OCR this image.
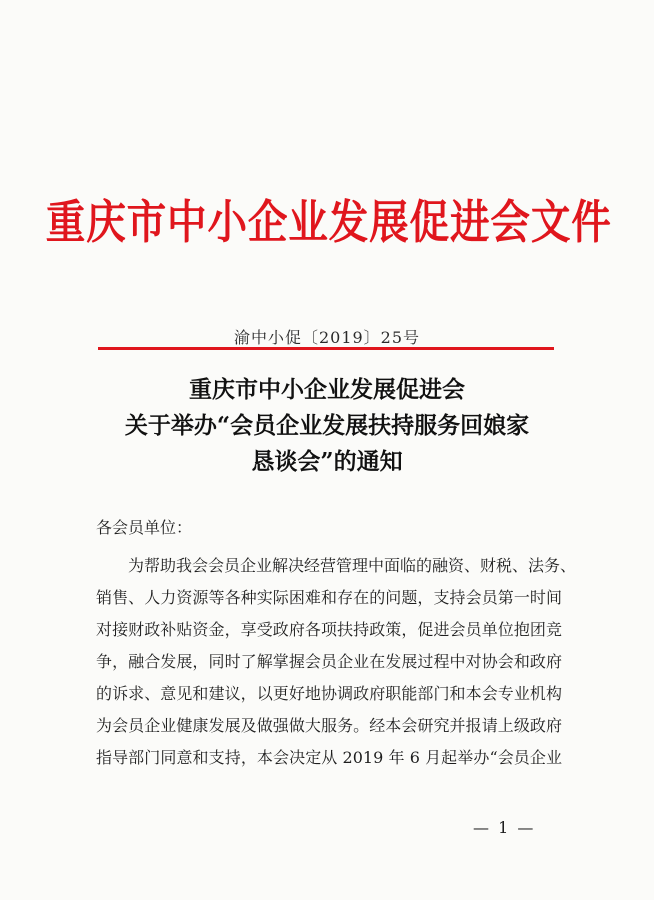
重庆市中小企业发展促进会文件
渝中小促〔2019〕25号
重庆市中小企业发展促进会
关于举办“会员企业发展扶持服务回娘家
恳谈会”的通知
各会员单位：
为帮助我会会员企业解决经营管理中面临的融资、财税、法务、
销售、人力资源等各种实际困难和存在的问题，支持会员第一时间
对接财政补贴资金，享受政府各项扶持政策，促进会员单位抱团竞
争，融合发展，同时了解掌握会员企业在发展过程中对协会和政府
的诉求、意见和建议，以更好地协调政府职能部门和本会专业机构
为会员企业健康发展及做强做大服务。经本会研究并报请上级政府
指导部门同意和支持，本会决定从 2019 年 6 月起举办“会员企业
— 1 —
